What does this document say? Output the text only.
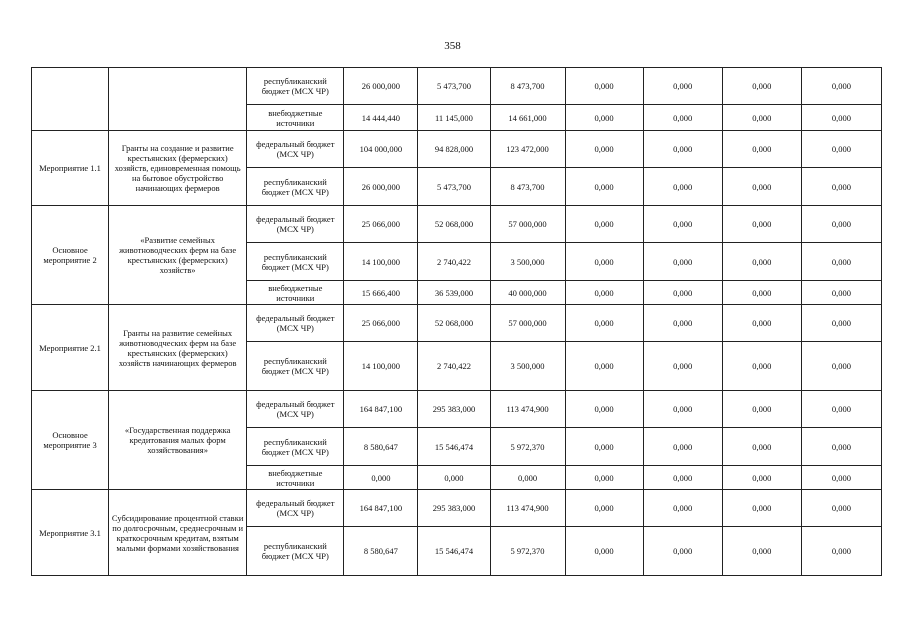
358
		республиканский бюджет (МСХ ЧР)	26 000,000	5 473,700	8 473,700	0,000	0,000	0,000	0,000
		внебюджетные источники	14 444,440	11 145,000	14 661,000	0,000	0,000	0,000	0,000
Мероприятие 1.1	Гранты на создание и развитие крестьянских (фермерских) хозяйств, единовременная помощь на бытовое обустройство начинающих фермеров	федеральный бюджет (МСХ ЧР)	104 000,000	94 828,000	123 472,000	0,000	0,000	0,000	0,000
		республиканский бюджет (МСХ ЧР)	26 000,000	5 473,700	8 473,700	0,000	0,000	0,000	0,000
Основное мероприятие 2	«Развитие семейных животноводческих ферм на базе крестьянских (фермерских) хозяйств»	федеральный бюджет (МСХ ЧР)	25 066,000	52 068,000	57 000,000	0,000	0,000	0,000	0,000
		республиканский бюджет (МСХ ЧР)	14 100,000	2 740,422	3 500,000	0,000	0,000	0,000	0,000
		внебюджетные источники	15 666,400	36 539,000	40 000,000	0,000	0,000	0,000	0,000
Мероприятие 2.1	Гранты на развитие семейных животноводческих ферм на базе крестьянских (фермерских) хозяйств начинающих фермеров	федеральный бюджет (МСХ ЧР)	25 066,000	52 068,000	57 000,000	0,000	0,000	0,000	0,000
		республиканский бюджет (МСХ ЧР)	14 100,000	2 740,422	3 500,000	0,000	0,000	0,000	0,000
Основное мероприятие 3	«Государственная поддержка кредитования малых форм хозяйствования»	федеральный бюджет (МСХ ЧР)	164 847,100	295 383,000	113 474,900	0,000	0,000	0,000	0,000
		республиканский бюджет (МСХ ЧР)	8 580,647	15 546,474	5 972,370	0,000	0,000	0,000	0,000
		внебюджетные источники	0,000	0,000	0,000	0,000	0,000	0,000	0,000
Мероприятие 3.1	Субсидирование процентной ставки по долгосрочным, среднесрочным и краткосрочным кредитам, взятым малыми формами хозяйствования	федеральный бюджет (МСХ ЧР)	164 847,100	295 383,000	113 474,900	0,000	0,000	0,000	0,000
		республиканский бюджет (МСХ ЧР)	8 580,647	15 546,474	5 972,370	0,000	0,000	0,000	0,000
